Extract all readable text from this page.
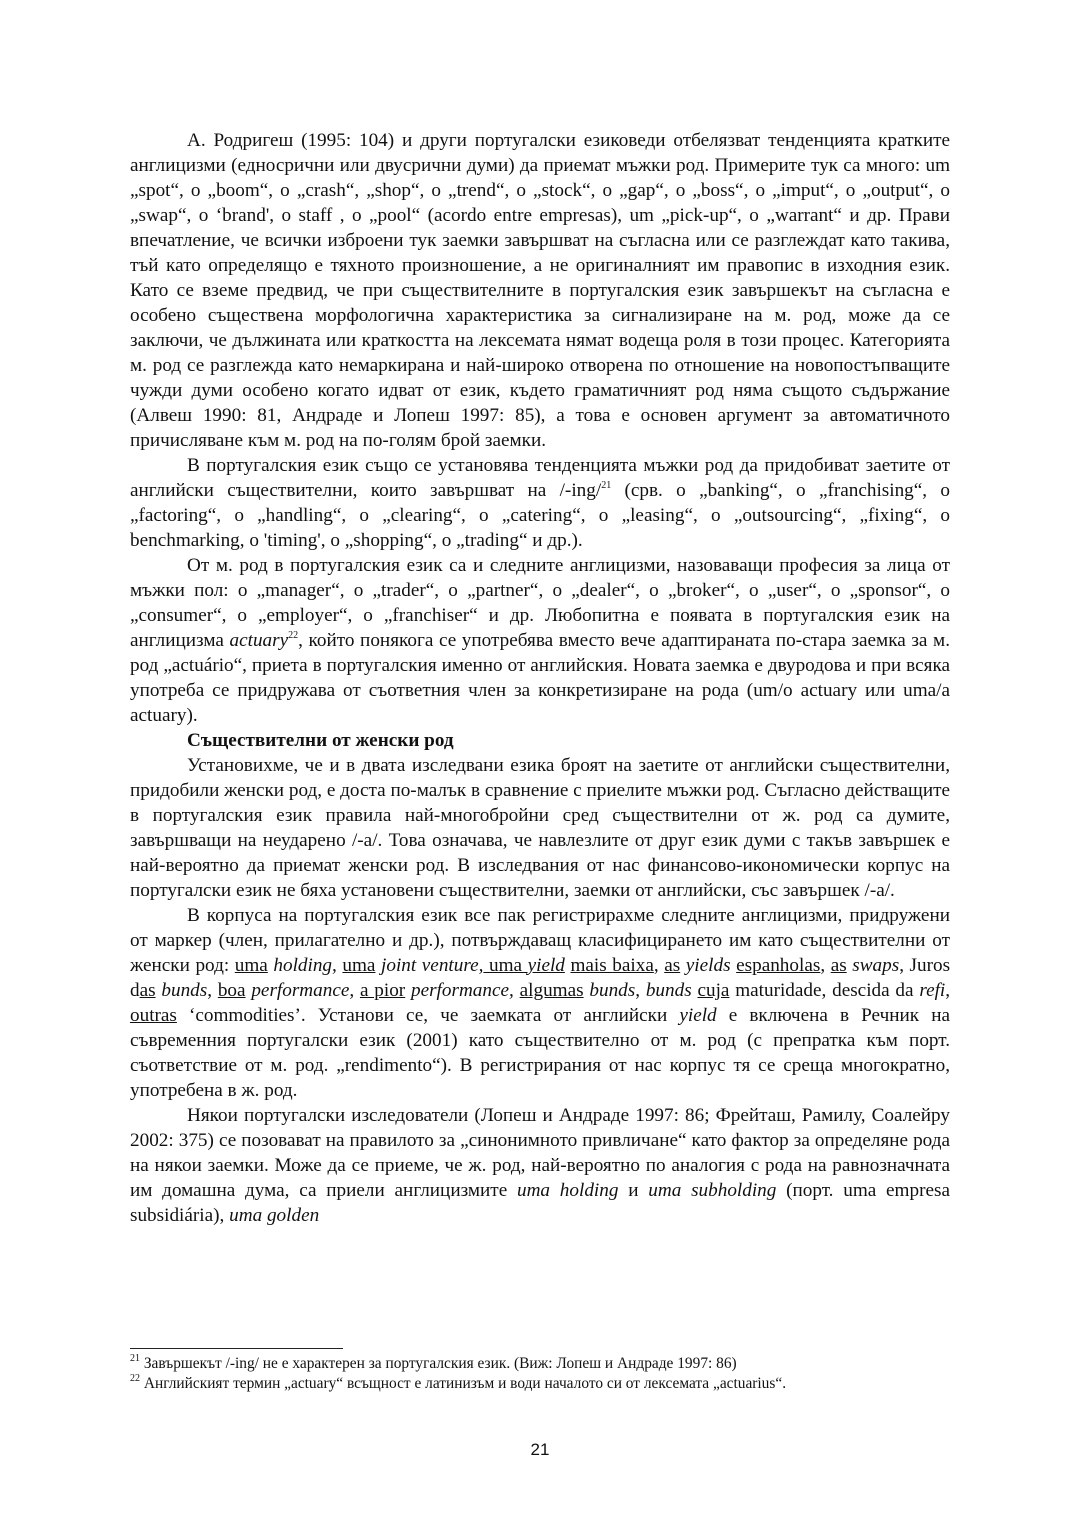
А. Родригеш (1995: 104) и други португалски езиковеди отбелязват тенденцията кратките англицизми (едносрични или двусрични думи) да приемат мъжки род. Примерите тук са много: um „spot“, o „boom“, o „crash“, „shop“, o „trend“, o „stock“, o „gap“, o „boss“, o „imput“, o „output“, o „swap“, o ‘brand', o staff , o „pool“ (acordo entre empresas), um „pick-up“, o „warrant“ и др. Прави впечатление, че всички изброени тук заемки завършват на съгласна или се разглеждат като такива, тъй като определящо е тяхното произношение, а не оригиналният им правопис в изходния език. Като се вземе предвид, че при съществителните в португалския език завършекът на съгласна е особено съществена морфологична характеристика за сигнализиране на м. род, може да се заключи, че дължината или краткостта на лексемата нямат водеща роля в този процес. Категорията м. род се разглежда като немаркирана и най-широко отворена по отношение на новопостъпващите чужди думи особено когато идват от език, където граматичният род няма същото съдържание (Алвеш 1990: 81, Андраде и Лопеш 1997: 85), а това е основен аргумент за автоматичното причисляване към м. род на по-голям брой заемки.

В португалския език също се установява тенденцията мъжки род да придобиват заетите от английски съществителни, които завършват на /-ing/$^{21}$ (срв. o „banking“, o „franchising“, o „factoring“, o „handling“, o „clearing“, o „catering“, o „leasing“, o „outsourcing“, „fixing“, o benchmarking, o 'timing', o „shopping“, o „trading“ и др.).

От м. род в португалския език са и следните англицизми, назоваващи професия за лица от мъжки пол: o „manager“, o „trader“, o „partner“, o „dealer“, o „broker“, o „user“, o „sponsor“, o „consumer“, o „employer“, o „franchiser“ и др. Любопитна е появата в португалския език на англицизма actuary$^{22}$, който понякога се употребява вместо вече адаптираната по-стара заемка за м. род „actuário“, приета в португалския именно от английския. Новата заемка е двуродова и при всяка употреба се придружава от съответния член за конкретизиране на рода (um/o actuary или uma/a actuary).

Съществителни от женски род

Установихме, че и в двата изследвани езика броят на заетите от английски съществителни, придобили женски род, е доста по-малък в сравнение с приелите мъжки род. Съгласно действащите в португалския език правила най-многобройни сред съществителни от ж. род са думите, завършващи на неударено /-a/. Това означава, че навлезлите от друг език думи с такъв завършек е най-вероятно да приемат женски род. В изследвания от нас финансово-икономически корпус на португалски език не бяха установени съществителни, заемки от английски, със завършек /-a/.

В корпуса на португалския език все пак регистрирахме следните англицизми, придружени от маркер (член, прилагателно и др.), потвърждаващ класифицирането им като съществителни от женски род: uma holding, uma joint venture, uma yield mais baixa, as yields espanholas, as swaps, Juros das bunds, boa performance, a pior performance, algumas bunds, bunds cuja maturidade, descida da refi, outras ‘commodities’. Установи се, че заемката от английски yield е включена в Речник на съвременния португалски език (2001) като съществително от м. род (с препратка към порт. съответствие от м. род. „rendimento“). В регистрирания от нас корпус тя се среща многократно, употребена в ж. род.

Някои португалски изследователи (Лопеш и Андраде 1997: 86; Фрейташ, Рамилу, Соалейру 2002: 375) се позовават на правилото за „синонимното привличане“ като фактор за определяне рода на някои заемки. Може да се приеме, че ж. род, най-вероятно по аналогия с рода на равнозначната им домашна дума, са приели англицизмите uma holding и uma subholding (порт. uma empresa subsidiária), uma golden

$^{21}$ Завършекът /-ing/ не е характерен за португалския език. (Виж: Лопеш и Андраде 1997: 86)

$^{22}$ Английският термин „actuary“ всъщност е латинизъм и води началото си от лексемата „actuarius“.

21
